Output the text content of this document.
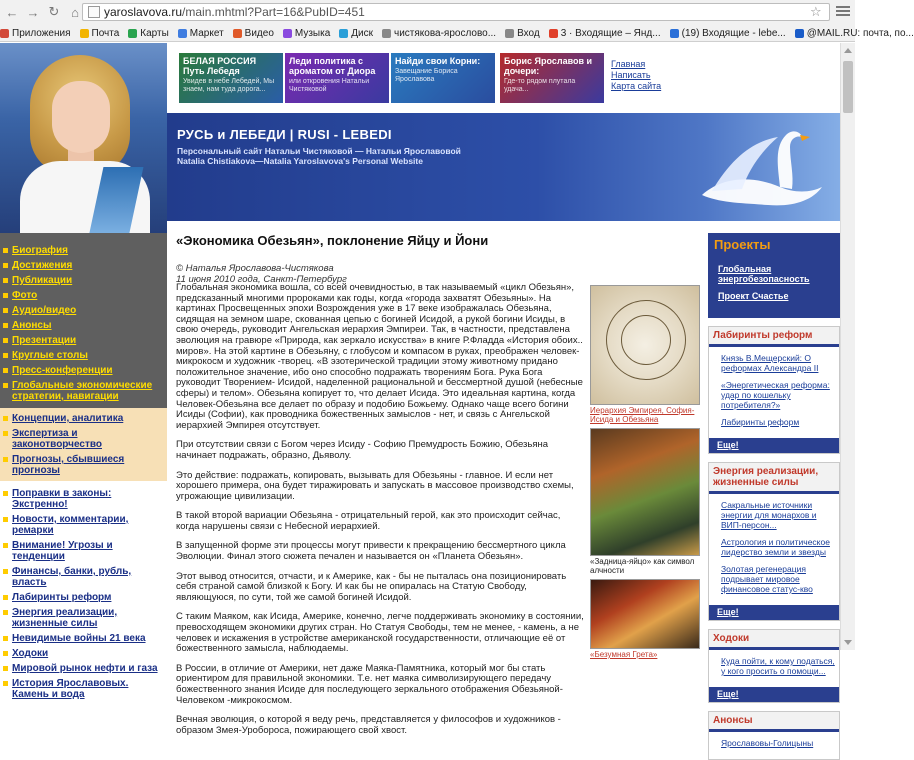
← → ↻ ⌂	yaroslavova.ru /main.mhtml?Part=16&PubID=451	☆
Приложения Почта Карты Маркет Видео Музыка Диск чистякова-ярослово... Вход 3 · Входящие – Янд... (19) Входящие - lebe... @MAIL.RU: почта, по...
БЕЛАЯ РОССИЯ Путь Лебедя
Увидев в небе Лебедей, Мы знаем, нам туда дорога...
Леди политика с ароматом от Диора
или откровения Натальи Чистяковой
Найди свои Корни:
Завещание Бориса Ярославова
Борис Ярославов и дочери:
Где-то рядом плутала удача...
Главная
Написать
Карта сайта
РУСЬ и ЛЕБЕДИ | RUSI - LEBEDI
Персональный сайт Натальи Чистяковой — Натальи Ярославовой
Natalia Chistiakova—Natalia Yaroslavova's Personal Website
Биография
Достижения
Публикации
Фото
Аудио/видео
Анонсы
Презентации
Круглые столы
Пресс-конференции
Глобальные экономические стратегии, навигации
Концепции, аналитика
Экспертиза и законотворчество
Прогнозы, сбывшиеся прогнозы
Поправки в законы: Экстренно!
Новости, комментарии, ремарки
Внимание! Угрозы и тенденции
Финансы, банки, рубль, власть
Лабиринты реформ
Энергия реализации, жизненные силы
Невидимые войны 21 века
Ходоки
Мировой рынок нефти и газа
История Ярославовых. Камень и вода
«Экономика Обезьян», поклонение Яйцу и Йони
© Наталья Ярославова-Чистякова
11 июня 2010 года, Санкт-Петербург

Глобальная экономика вошла, со всей очевидностью, в так называемый «цикл Обезьян», предсказанный многими пророками как годы, когда «города захватят Обезьяны». На картинах Просвещенных эпохи Возрождения уже в 17 веке изображалась Обезьяна, сидящая на земном шаре, скованная цепью с богиней Исидой, а рукой богини Исиды, в свою очередь, руководит Ангельская иерархия Эмпиреи. Так, в частности, представлена эволюция на гравюре «Природа, как зеркало искусства» в книге Р.Фладда «История обоих.. миров». На этой картине в Обезьяну, с глобусом и компасом в руках, преображен человек-микрокосм и художник -творец. «В эзотерической традиции этому животному придано положительное значение, ибо оно способно подражать творениям Бога. Рука Бога руководит Творением- Исидой, наделенной рациональной и бессмертной душой (небесные сферы) и телом». Обезьяна копирует то, что делает Исида. Это идеальная картина, когда Человек-Обезьяна все делает по образу и подобию Божьему. Однако чаще всего богини Исиды (Софии), как проводника божественных замыслов - нет, и связь с Ангельской иерархией Эмпирея отсутствует.

При отсутствии связи с Богом через Исиду - Софию Премудрость Божию, Обезьяна начинает подражать, образно, Дьяволу.

Это действие: подражать, копировать, вызывать для Обезьяны - главное. И если нет хорошего примера, она будет тиражировать и запускать в массовое производство схемы, угрожающие цивилизации.

В такой второй вариации Обезьяна - отрицательный герой, как это происходит сейчас, когда нарушены связи с Небесной иерархией.

В запущенной форме эти процессы могут привести к прекращению бессмертного цикла Эволюции. Финал этого сюжета печален и называется он «Планета Обезьян».

Этот вывод относится, отчасти, и к Америке, как - бы не пыталась она позиционировать себя страной самой близкой к Богу. И как бы не опиралась на Статую Свободу, являющуюся, по сути, той же самой богиней Исидой.

С таким Маяком, как Исида, Америке, конечно, легче поддерживать экономику в состоянии, превосходящем экономики других стран. Но Статуя Свободы, тем не менее, - камень, а не человек и искажения в устройстве американской государственности, отличающие её от божественного замысла, наблюдаемы.

В России, в отличие от Америки, нет даже Маяка-Памятника, который мог бы стать ориентиром для правильной экономики. Т.е. нет маяка символизирующего передачу божественного знания Исиде для последующего зеркального отображения Обезьяной-Человеком -микрокосмом.

Вечная эволюция, о которой я веду речь, представляется у философов и художников - образом Змея-Уробороса, пожирающего свой хвост.

Иерархия Эмпирея, София-Исида и Обезьяна
«Задница-яйцо» как символ алчности
«Безумная Грета»
Проекты
Глобальная энергобезопасность
Проект Счастье
Лабиринты реформ
Князь В.Мещерский: О реформах Александра II
«Энергетическая реформа: удар по кошельку потребителя?»
Лабиринты реформ
Еще!
Энергия реализации, жизненные силы
Сакральные источники энергии для монархов и ВИП-персон...
Астрология и политическое лидерство земли и звезды
Золотая регенерация подрывает мировое финансовое статус-кво
Еще!
Ходоки
Куда пойти, к кому податься, у кого просить о помощи...
Еще!
Анонсы
Ярославовы-Голицыны
